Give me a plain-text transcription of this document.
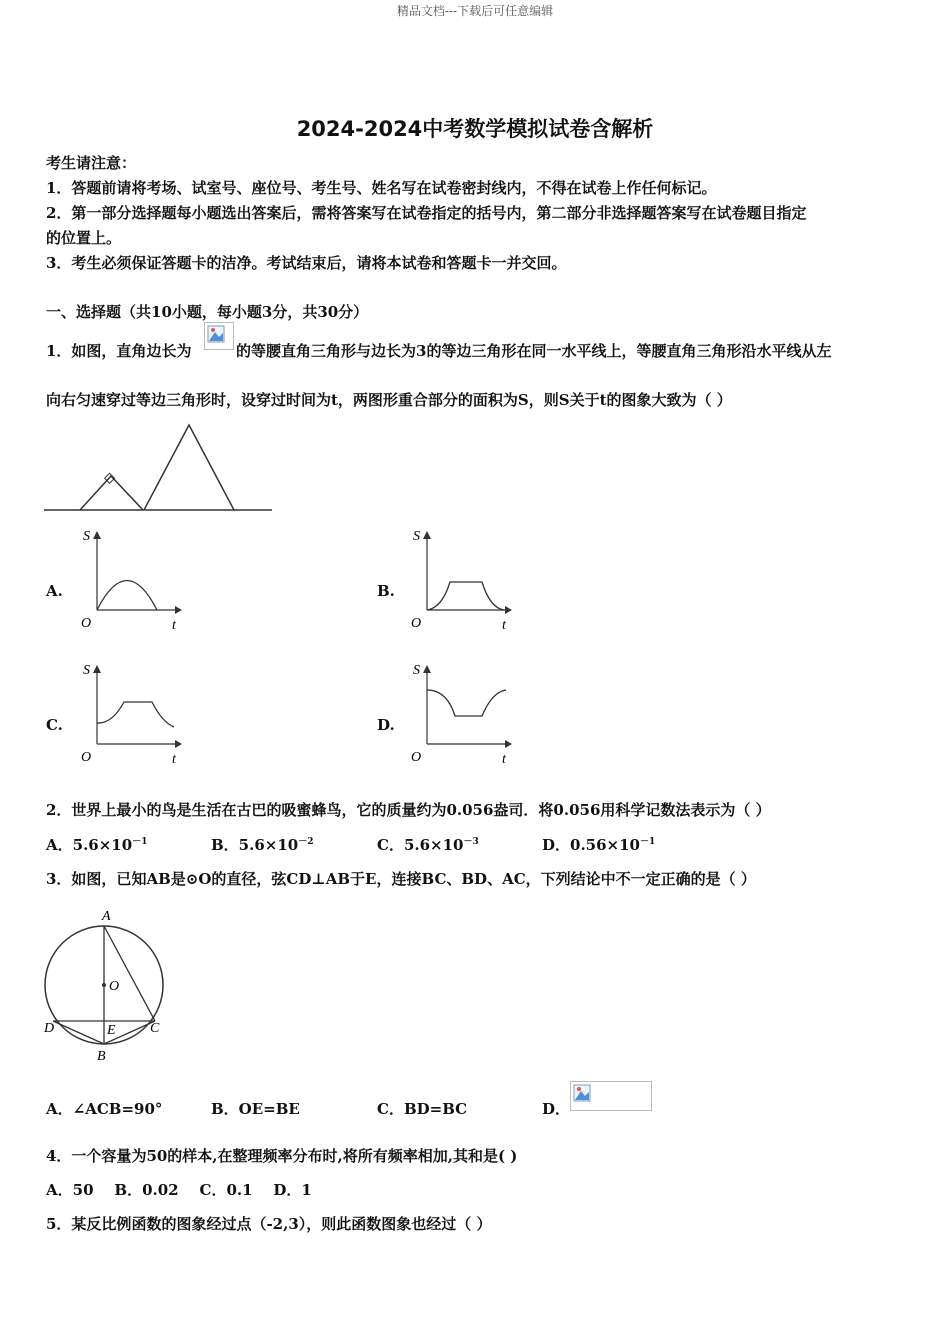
精品文档---下载后可任意编辑
2024-2024中考数学模拟试卷含解析
考生请注意：
1．答题前请将考场、试室号、座位号、考生号、姓名写在试卷密封线内，不得在试卷上作任何标记。
2．第一部分选择题每小题选出答案后，需将答案写在试卷指定的括号内，第二部分非选择题答案写在试卷题目指定
的位置上。
3．考生必须保证答题卡的洁净。考试结束后，请将本试卷和答题卡一并交回。
一、选择题（共10小题，每小题3分，共30分）
1．如图，直角边长为	的等腰直角三角形与边长为3的等边三角形在同一水平线上，等腰直角三角形沿水平线从左
向右匀速穿过等边三角形时，设穿过时间为t，两图形重合部分的面积为S，则S关于t的图象大致为（ ）
A.
S
O	t
B.
S
O	t
C.
S
O	t
D.
S
O	t
2．世界上最小的鸟是生活在古巴的吸蜜蜂鸟，它的质量约为0.056盎司．将0.056用科学记数法表示为（ ）
A．$5.6\times 10^{-1}$	B．$5.6\times 10^{-2}$	C．$5.6\times 10^{-3}$	D．$0.56\times 10^{-1}$
3．如图，已知AB是⊙O的直径，弦CD⊥AB于E，连接BC、BD、AC，下列结论中不一定正确的是（ ）
A
O
D	E C
B
A．∠ACB=90°	B．OE=BE	C．BD=BC	D．
4．一个容量为50的样本,在整理频率分布时,将所有频率相加,其和是( )
A．50    B．0.02    C．0.1    D．1
5．某反比例函数的图象经过点（-2,3），则此函数图象也经过（ ）
